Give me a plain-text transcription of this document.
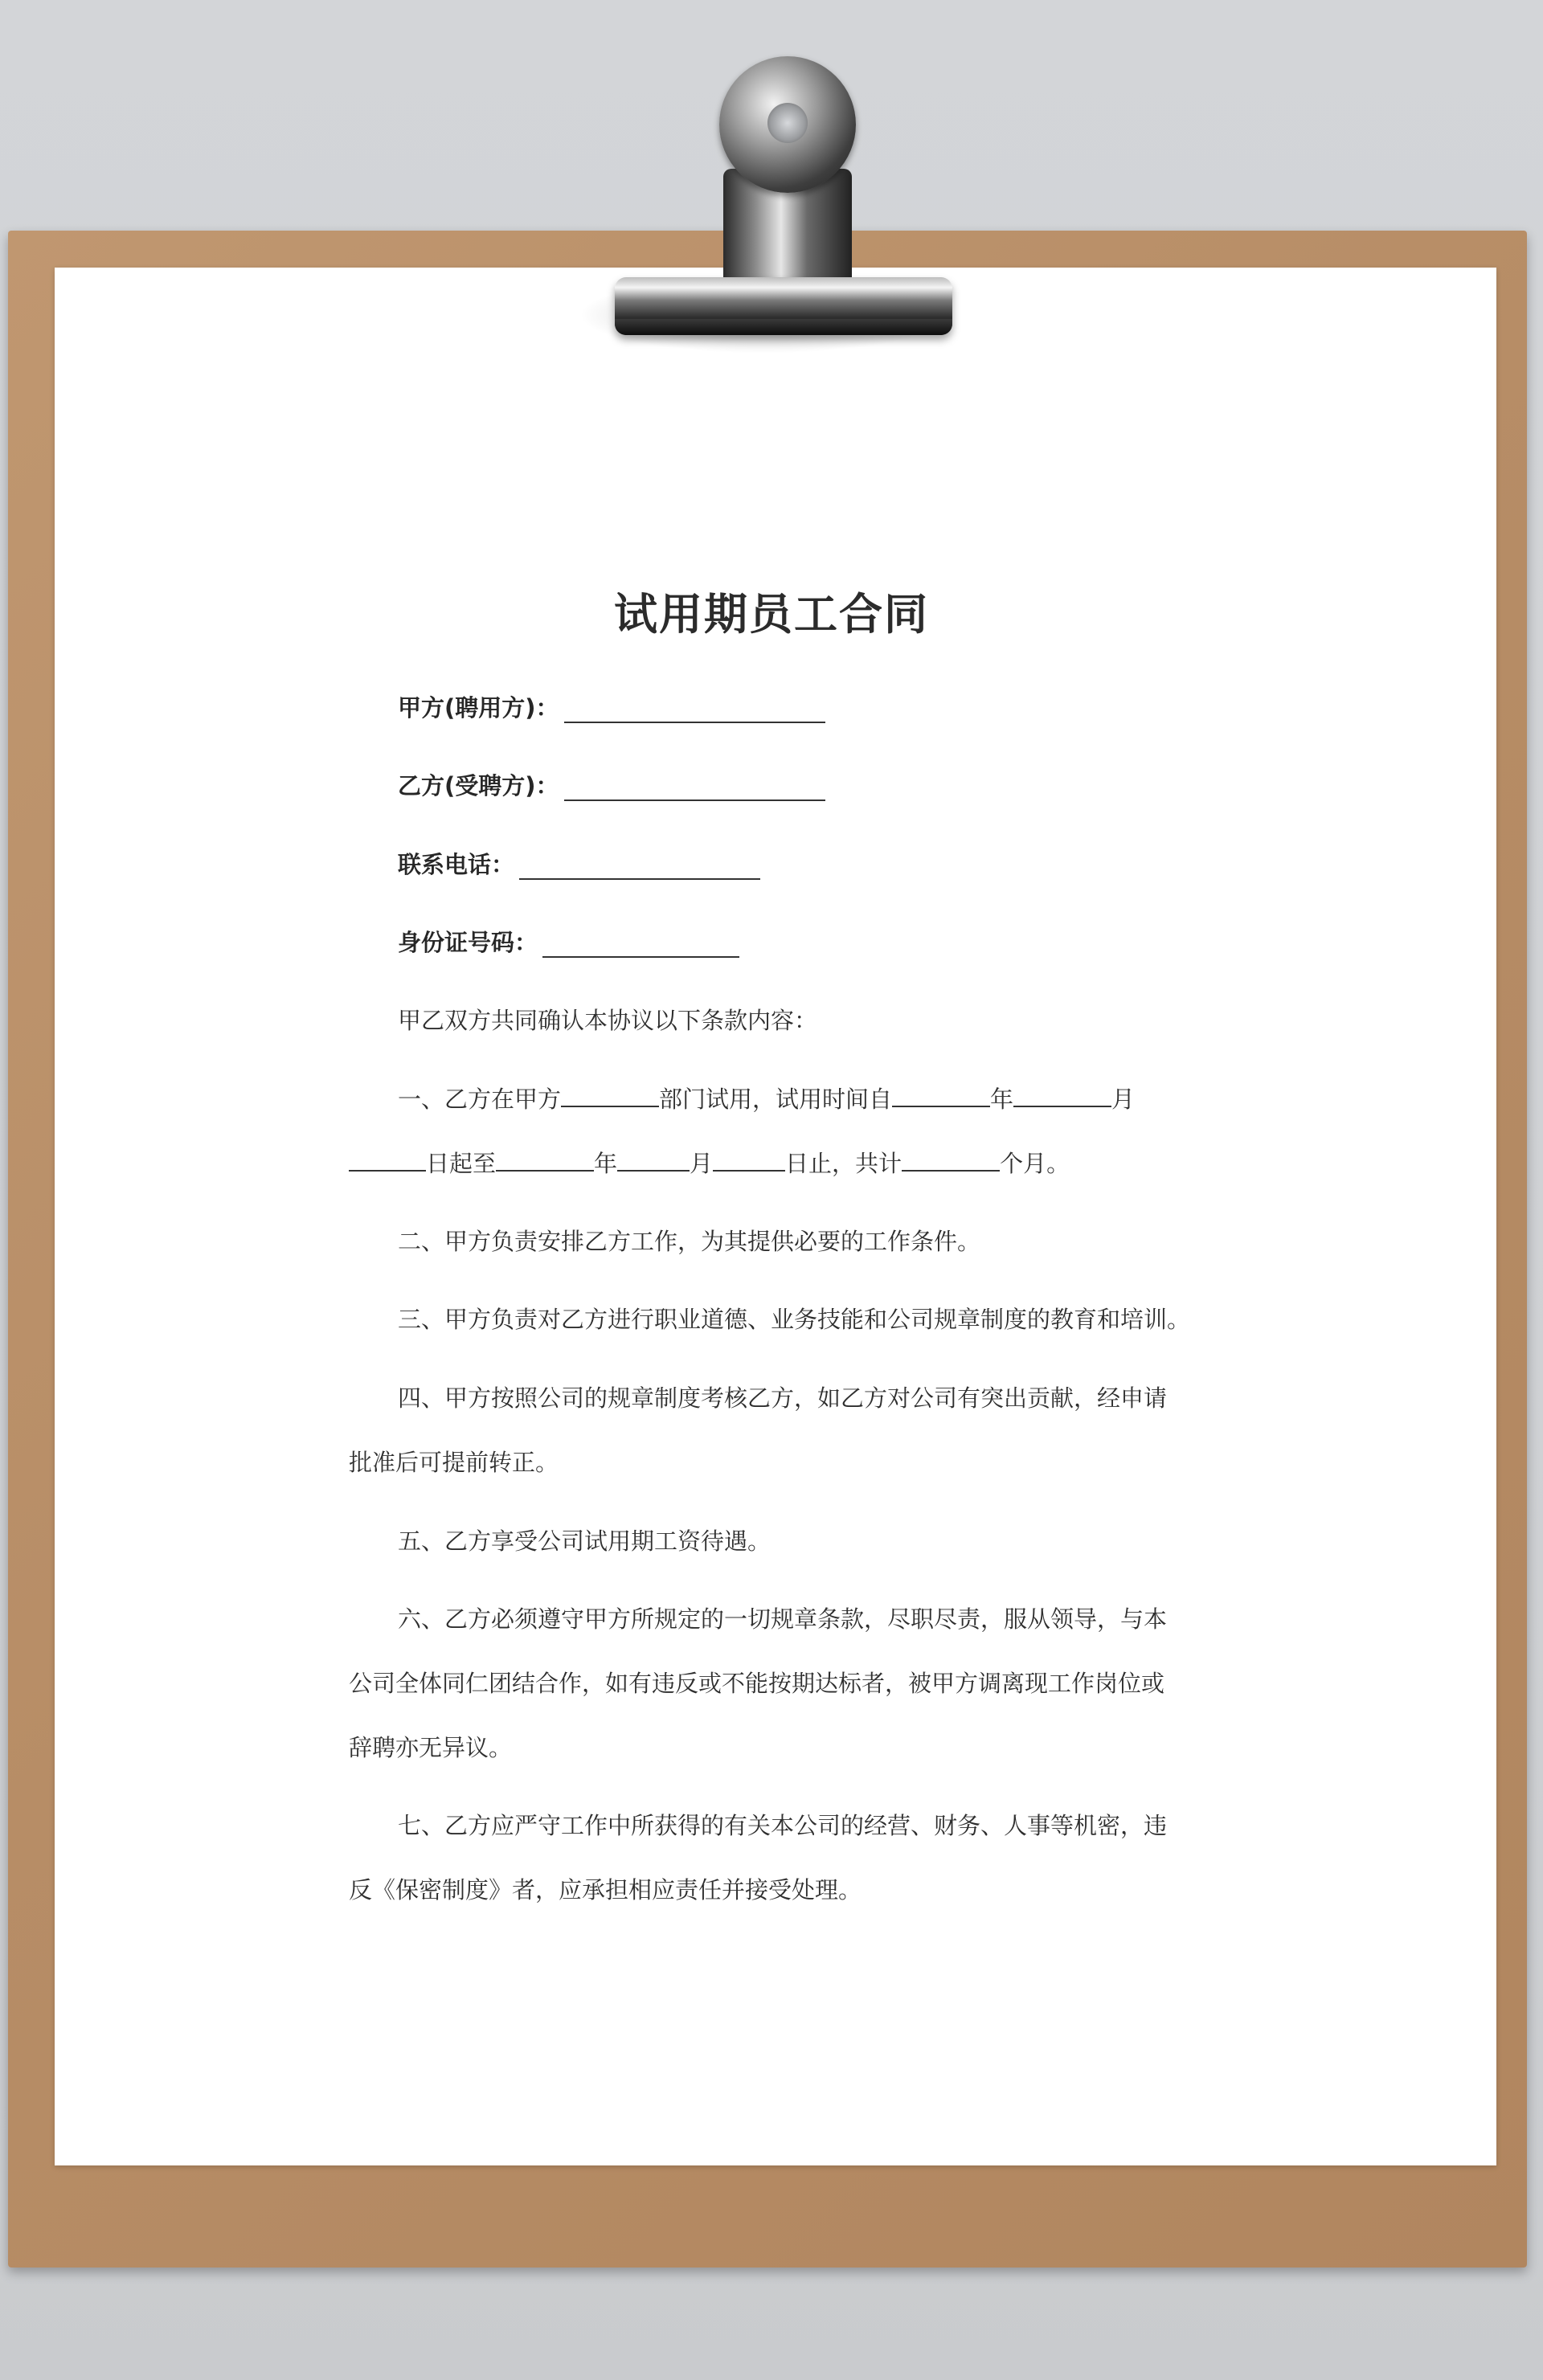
试用期员工合同
甲方(聘用方)：
乙方(受聘方)：
联系电话：
身份证号码：
甲乙双方共同确认本协议以下条款内容：
一、乙方在甲方	部门试用，试用时间自	年	月
日起至	年	月	日止，共计	个月。
二、甲方负责安排乙方工作，为其提供必要的工作条件。
三、甲方负责对乙方进行职业道德、业务技能和公司规章制度的教育和培训。
四、甲方按照公司的规章制度考核乙方，如乙方对公司有突出贡献，经申请
批准后可提前转正。
五、乙方享受公司试用期工资待遇。
六、乙方必须遵守甲方所规定的一切规章条款，尽职尽责，服从领导，与本
公司全体同仁团结合作，如有违反或不能按期达标者，被甲方调离现工作岗位或
辞聘亦无异议。
七、乙方应严守工作中所获得的有关本公司的经营、财务、人事等机密，违
反《保密制度》者，应承担相应责任并接受处理。
